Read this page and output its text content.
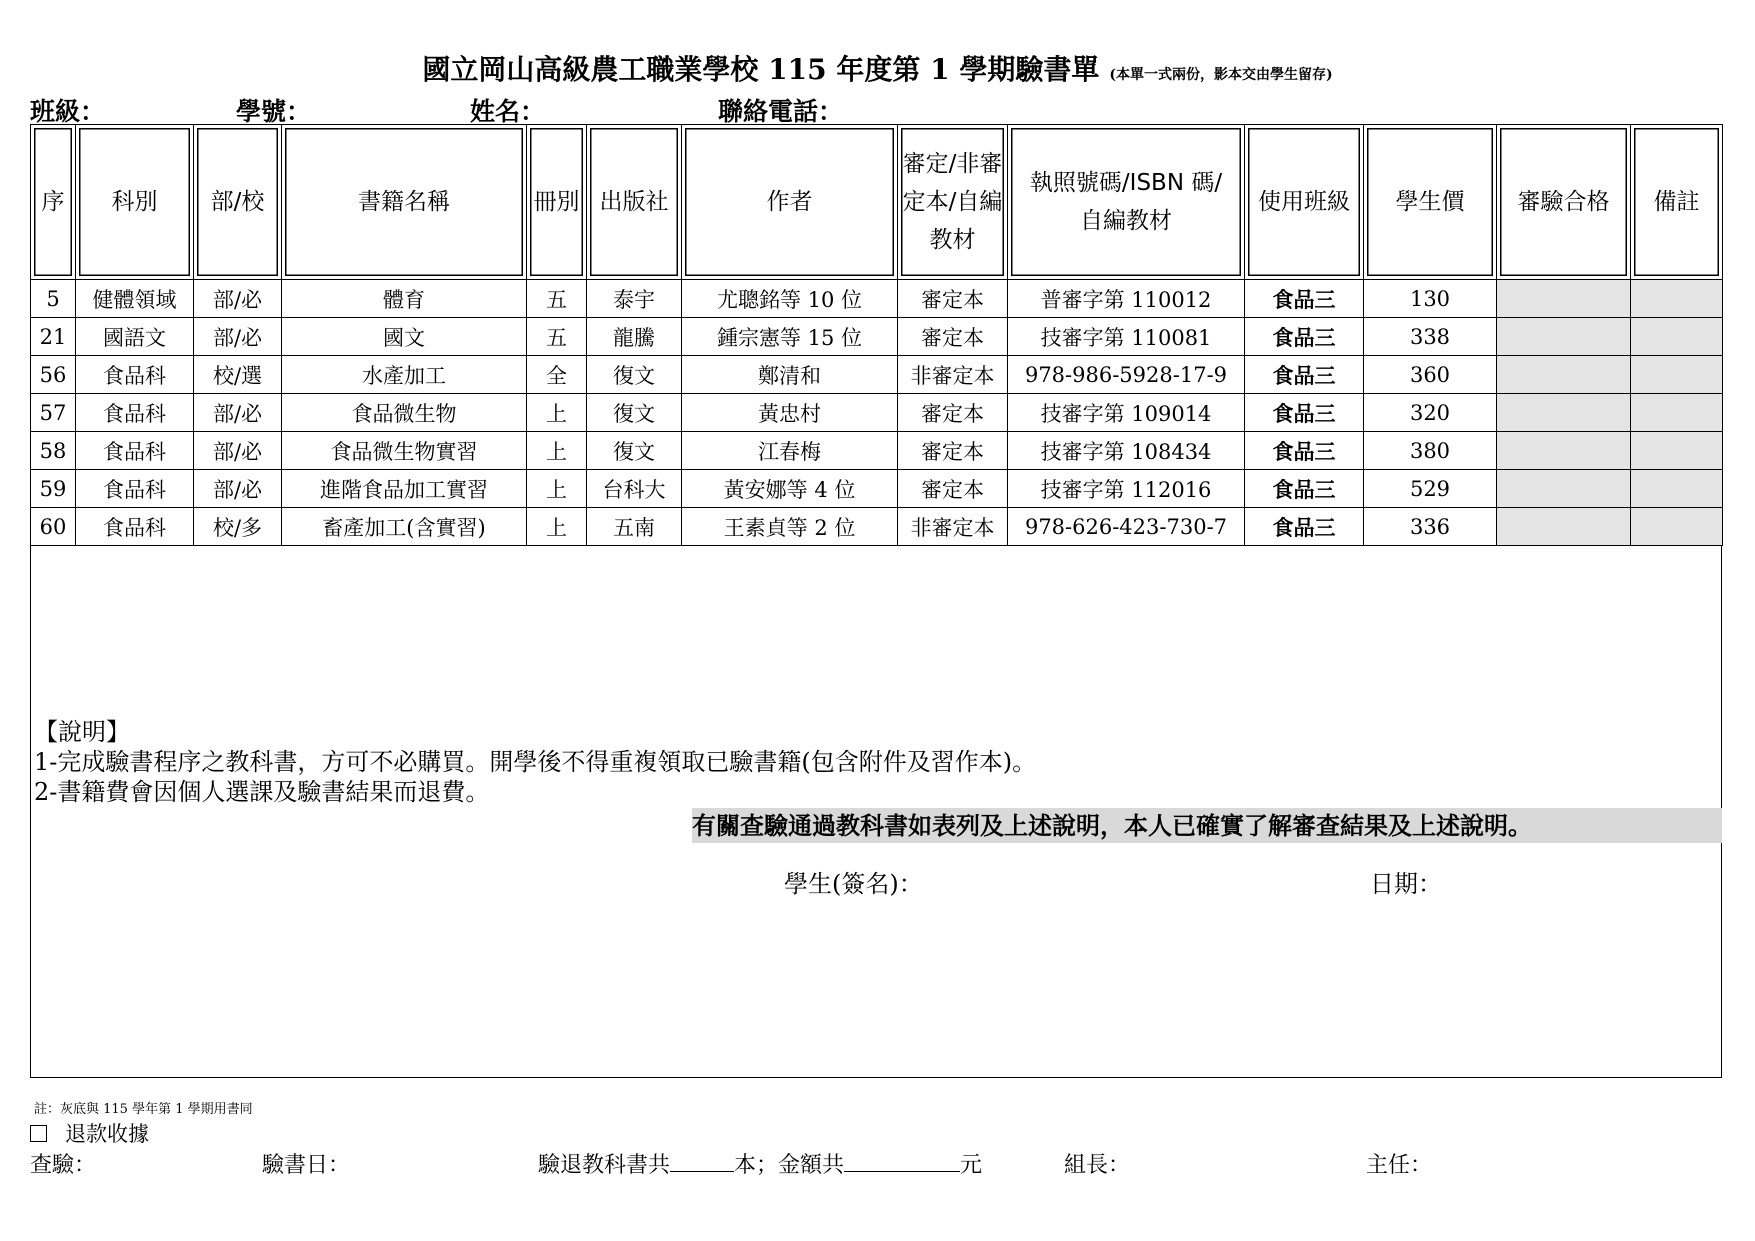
國立岡山高級農工職業學校 115 年度第 1 學期驗書單 (本單一式兩份，影本交由學生留存)
班級：	學號：	姓名：	聯絡電話：
序	科別	部/校	書籍名稱	冊別	出版社	作者	審定/非審定本/自編教材	執照號碼/ISBN 碼/自編教材	使用班級	學生價	審驗合格	備註
5	健體領域	部/必	體育	五	泰宇	尤聰銘等 10 位	審定本	普審字第 110012	食品三	130		
21	國語文	部/必	國文	五	龍騰	鍾宗憲等 15 位	審定本	技審字第 110081	食品三	338		
56	食品科	校/選	水產加工	全	復文	鄭清和	非審定本	978-986-5928-17-9	食品三	360		
57	食品科	部/必	食品微生物	上	復文	黃忠村	審定本	技審字第 109014	食品三	320		
58	食品科	部/必	食品微生物實習	上	復文	江春梅	審定本	技審字第 108434	食品三	380		
59	食品科	部/必	進階食品加工實習	上	台科大	黃安娜等 4 位	審定本	技審字第 112016	食品三	529		
60	食品科	校/多	畜產加工(含實習)	上	五南	王素貞等 2 位	非審定本	978-626-423-730-7	食品三	336		
【說明】
1-完成驗書程序之教科書，方可不必購買。開學後不得重複領取已驗書籍(包含附件及習作本)。
2-書籍費會因個人選課及驗書結果而退費。
有關查驗通過教科書如表列及上述說明，本人已確實了解審查結果及上述說明。
學生(簽名)：	日期：
註：灰底與 115 學年第 1 學期用書同
退款收據
查驗：	驗書日：	驗退教科書共	本；金額共	元	組長：	主任：
